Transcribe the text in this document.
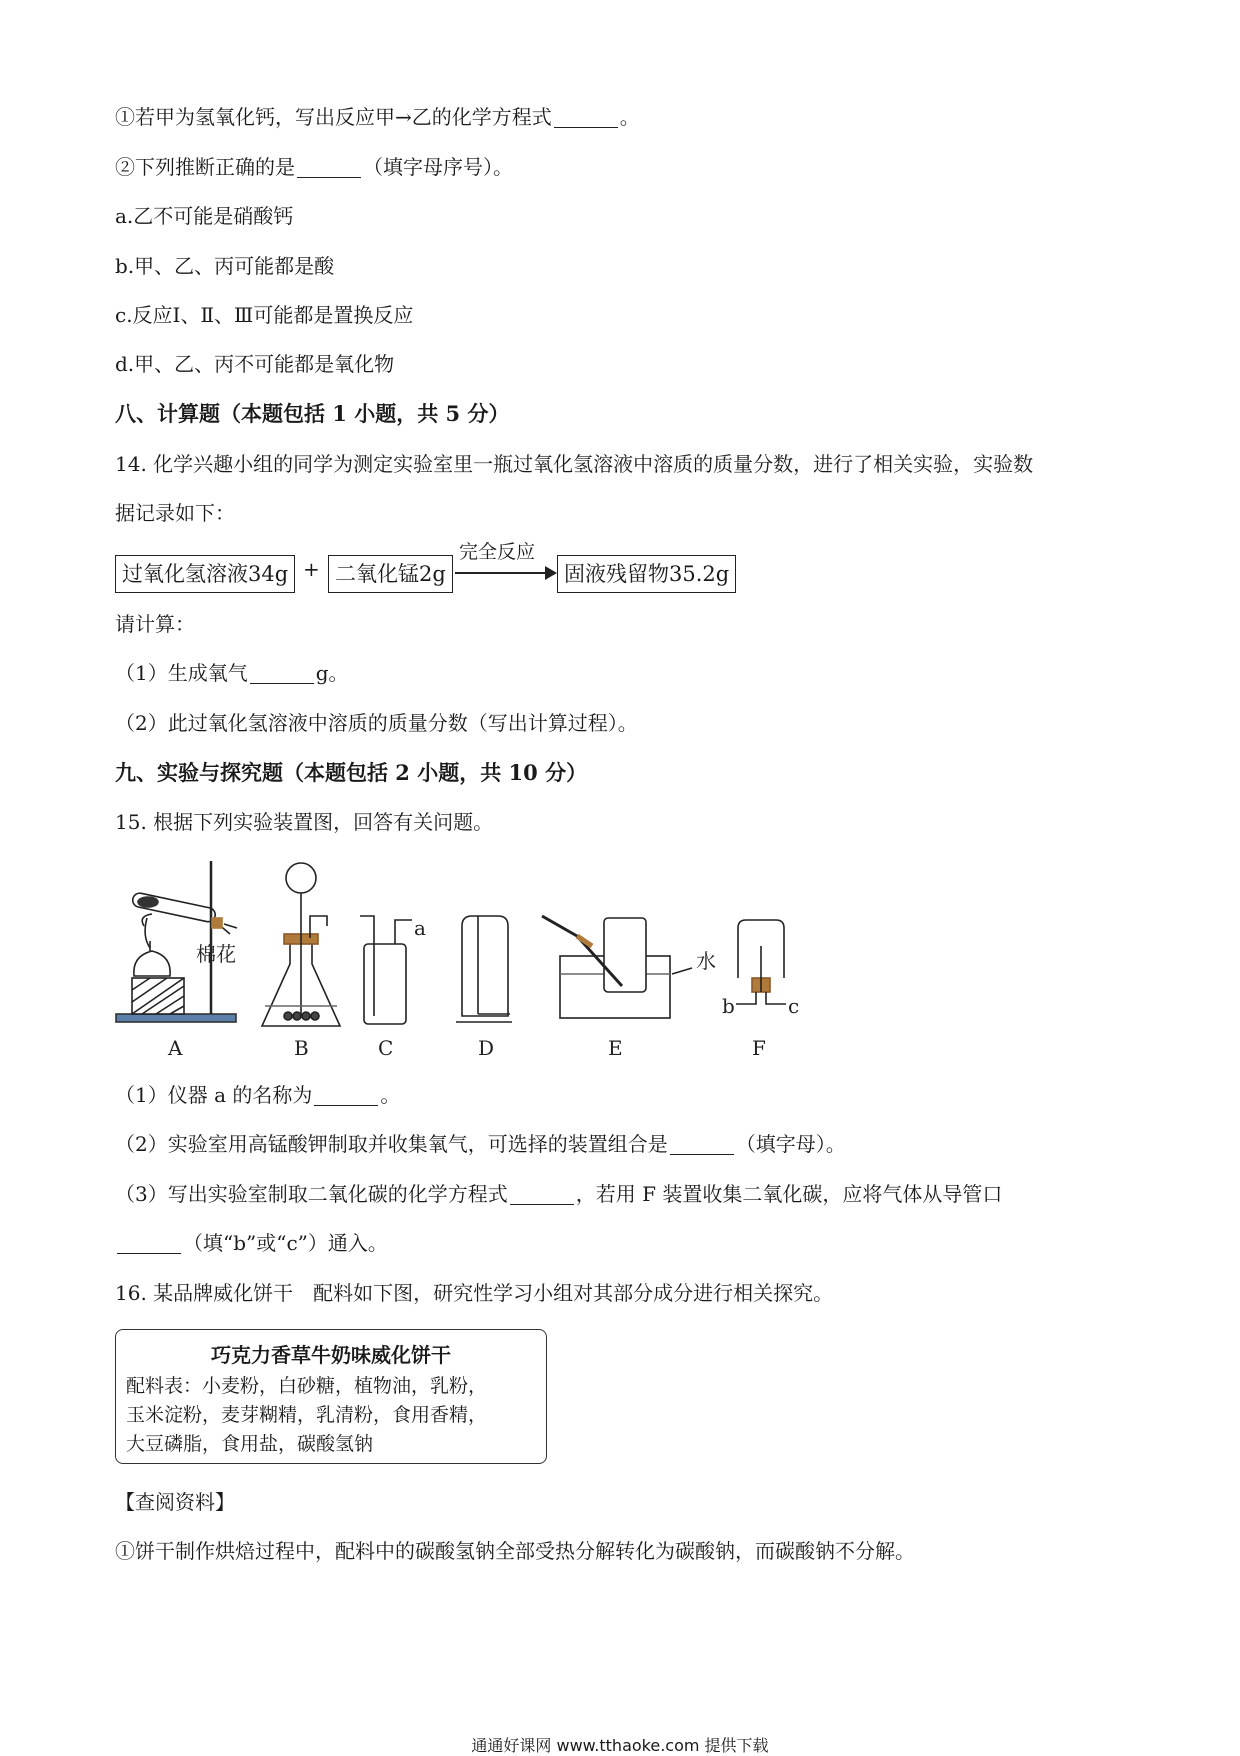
①若甲为氢氧化钙，写出反应甲→乙的化学方程式	。
②下列推断正确的是	（填字母序号）。
a.乙不可能是硝酸钙
b.甲、乙、丙可能都是酸
c.反应Ⅰ、Ⅱ、Ⅲ可能都是置换反应
d.甲、乙、丙不可能都是氧化物
八、计算题（本题包括 1 小题，共 5 分）
14. 化学兴趣小组的同学为测定实验室里一瓶过氧化氢溶液中溶质的质量分数，进行了相关实验，实验数
据记录如下：
过氧化氢溶液34g + 二氧化锰2g
完全反应
固液残留物35.2g
请计算：
（1）生成氧气	g。
（2）此过氧化氢溶液中溶质的质量分数（写出计算过程）。
九、实验与探究题（本题包括 2 小题，共 10 分）
15. 根据下列实验装置图，回答有关问题。
棉花
a
水
b	c
A	B	C	D	E	F
（1）仪器 a 的名称为	。
（2）实验室用高锰酸钾制取并收集氧气，可选择的装置组合是	（填字母）。
（3）写出实验室制取二氧化碳的化学方程式	，若用 F 装置收集二氧化碳，应将气体从导管口
（填“b”或“c”）通入。
16. 某品牌威化饼干　配料如下图，研究性学习小组对其部分成分进行相关探究。
巧克力香草牛奶味威化饼干
配料表：小麦粉，白砂糖，植物油，乳粉，
玉米淀粉，麦芽糊精，乳清粉，食用香精，
大豆磷脂，食用盐，碳酸氢钠
【查阅资料】
①饼干制作烘焙过程中，配料中的碳酸氢钠全部受热分解转化为碳酸钠，而碳酸钠不分解。
通通好课网 www.tthaoke.com 提供下载
